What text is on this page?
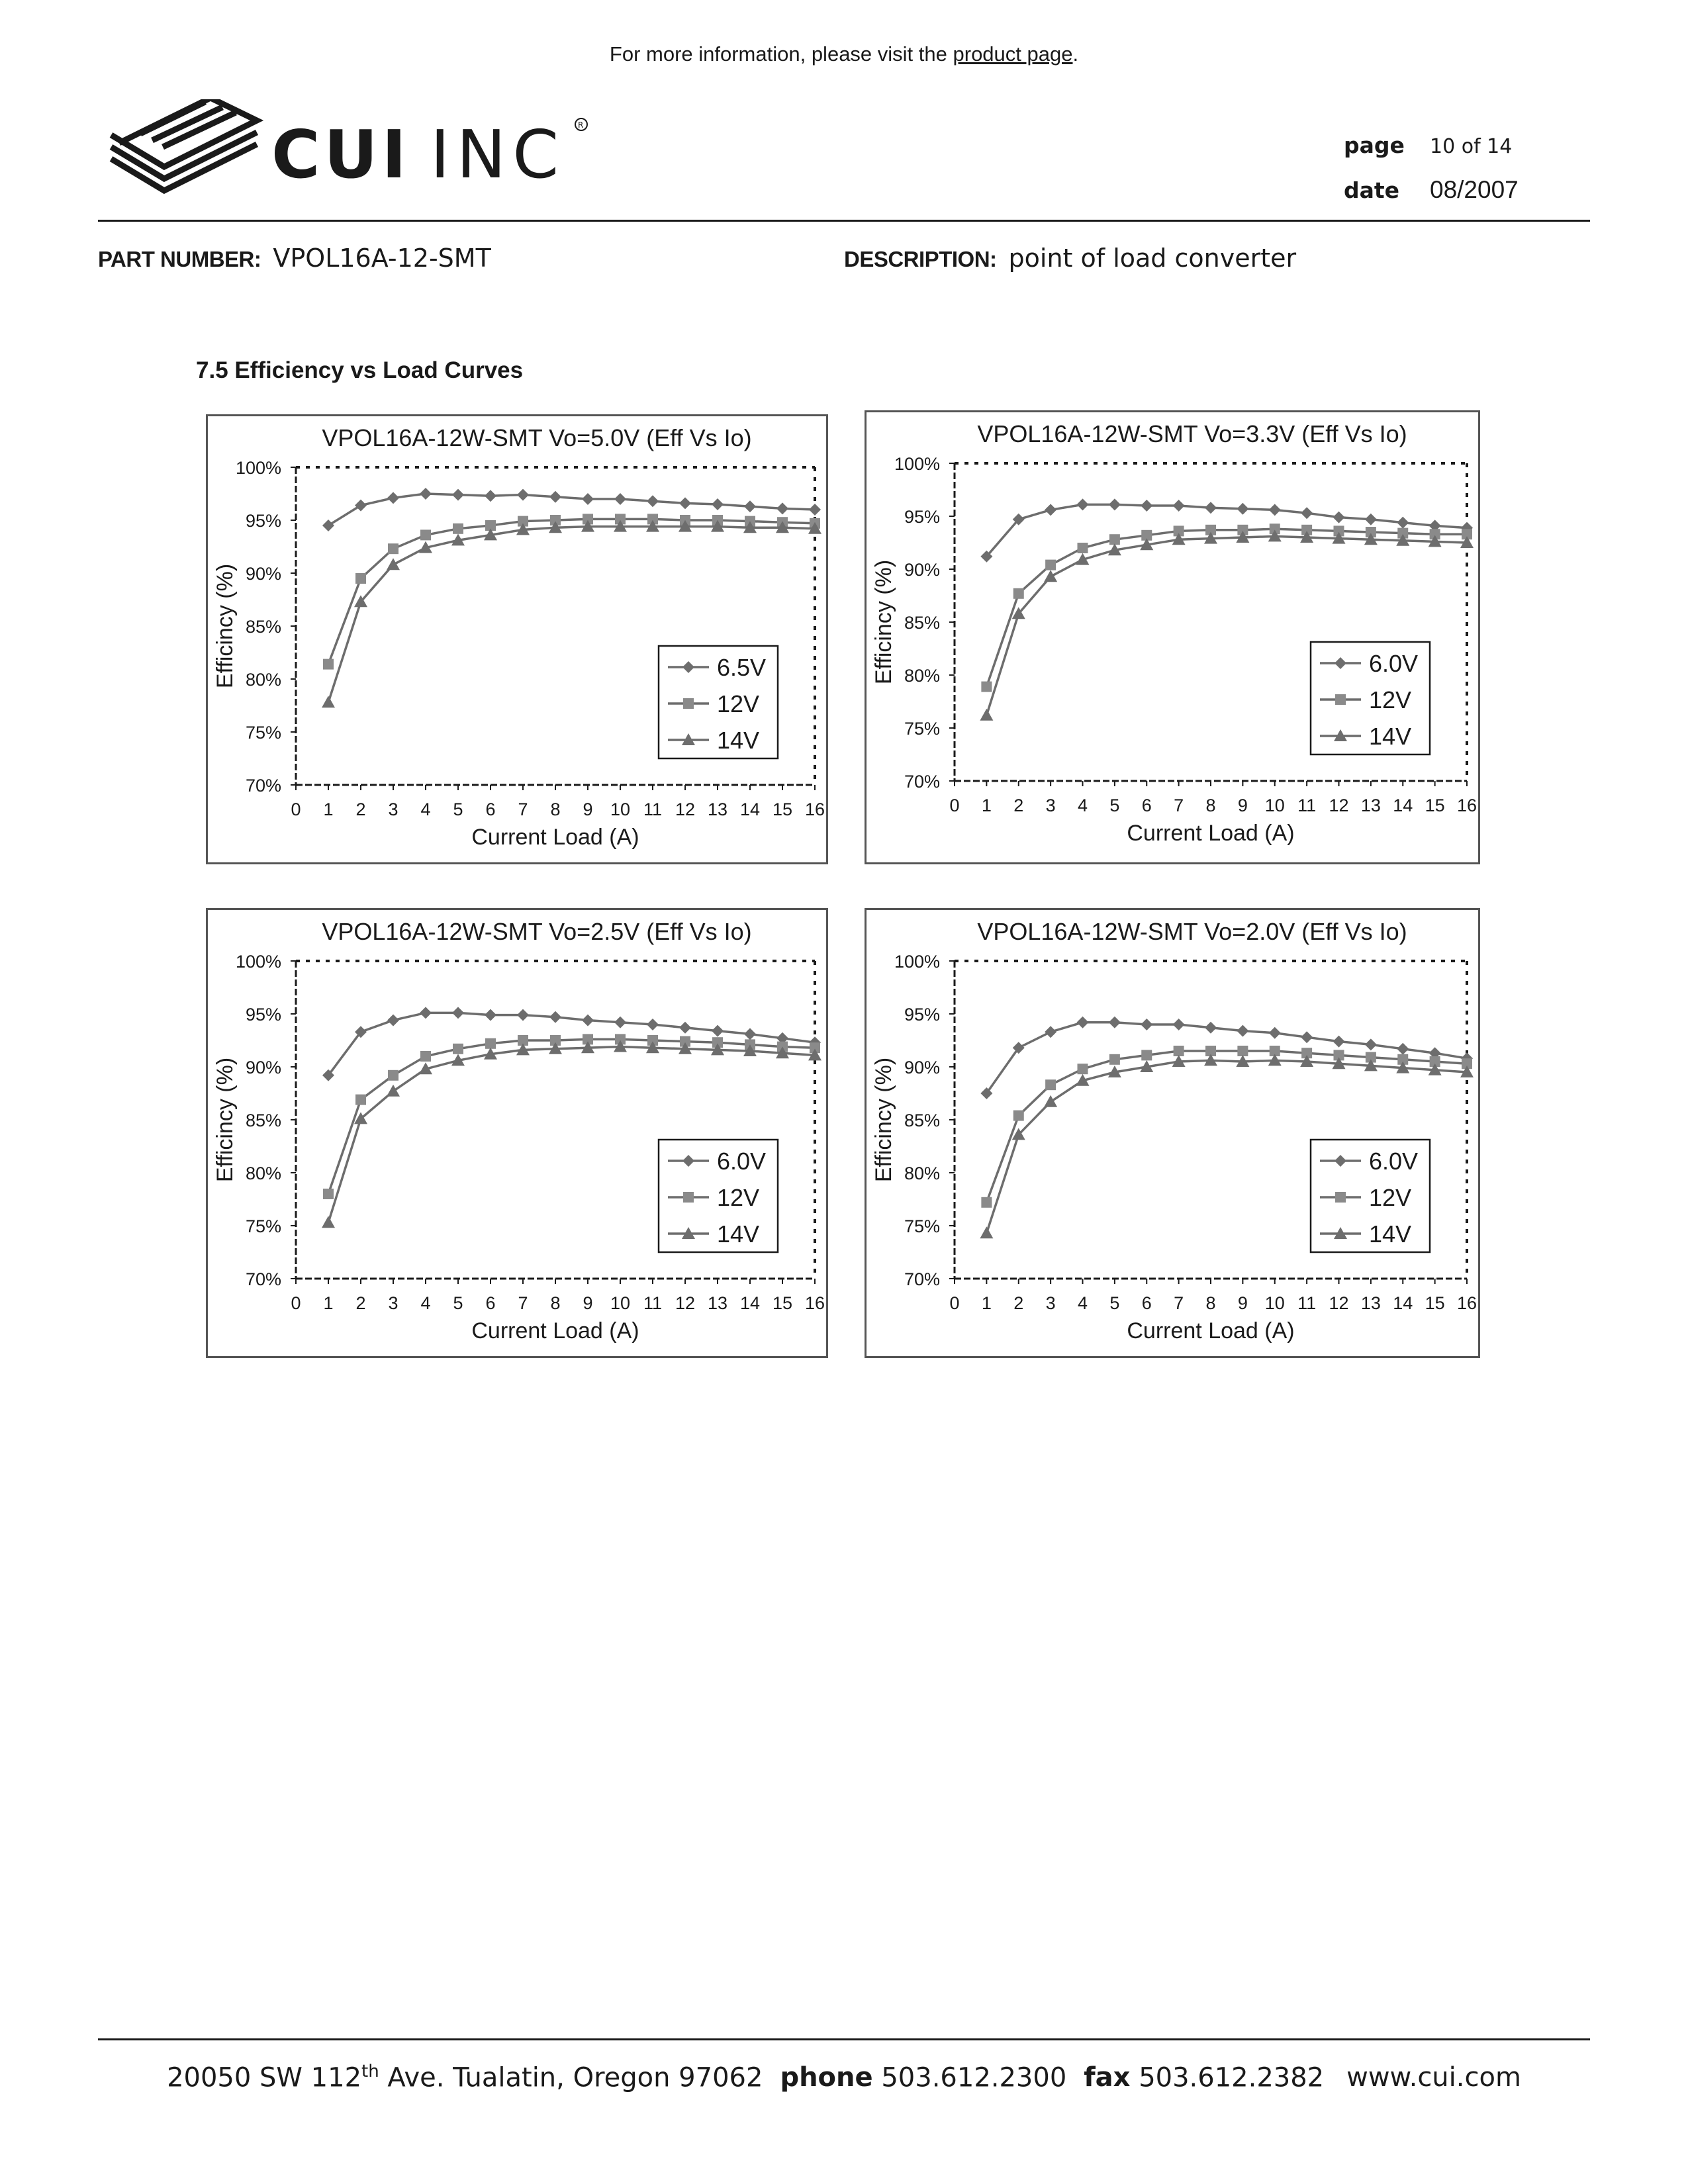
For more information, please visit the product page.
CUI INC R
page	10 of 14
date	08/2007
PART NUMBER: VPOL16A-12-SMT	DESCRIPTION: point of load converter
7.5 Efficiency vs Load Curves
VPOL16A-12W-SMT Vo=5.0V (Eff Vs Io)
70%
75%
80%
85%
90%
95%
100%
0 1 2 3 4 5 6 7 8 9 10 11 12 13 14 15 16
Current Load (A)
Efficincy (%)	6.5V
12V
14V
VPOL16A-12W-SMT Vo=3.3V (Eff Vs Io)
70%
75%
80%
85%
90%
95%
100%
0 1 2 3 4 5 6 7 8 9 10 11 12 13 14 15 16
Current Load (A)
Efficincy (%)	6.0V
12V
14V
VPOL16A-12W-SMT Vo=2.5V (Eff Vs Io)
70%
75%
80%
85%
90%
95%
100%
0 1 2 3 4 5 6 7 8 9 10 11 12 13 14 15 16
Current Load (A)
Efficincy (%)	6.0V
12V
14V
VPOL16A-12W-SMT Vo=2.0V (Eff Vs Io)
70%
75%
80%
85%
90%
95%
100%
0 1 2 3 4 5 6 7 8 9 10 11 12 13 14 15 16
Current Load (A)
Efficincy (%)	6.0V
12V
14V
20050 SW 112th Ave. Tualatin, Oregon 97062 phone 503.612.2300 fax 503.612.2382 www.cui.com
